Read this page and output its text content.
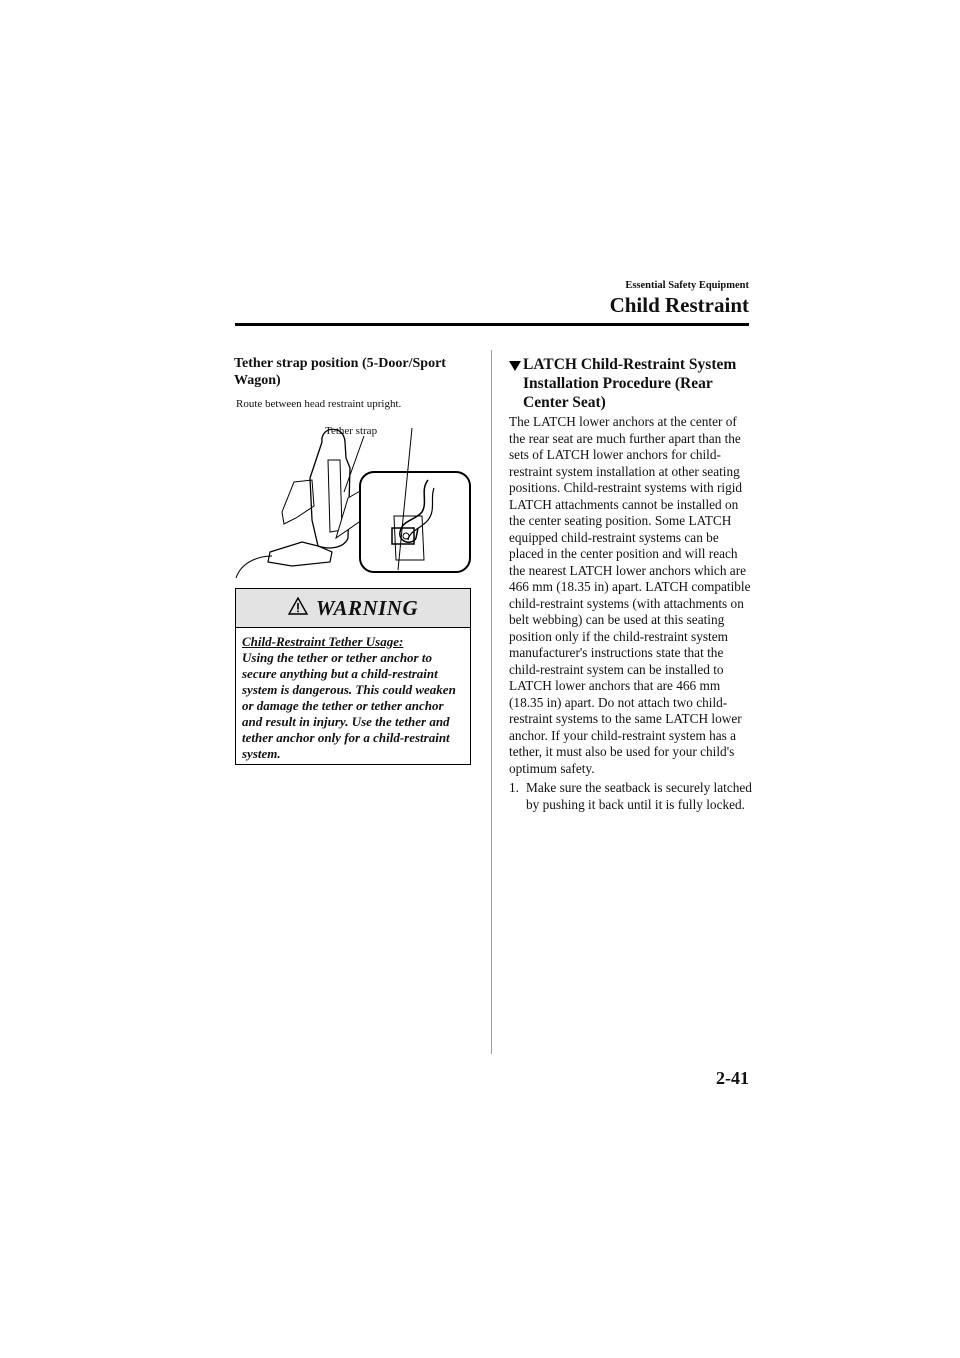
Essential Safety Equipment
Child Restraint
Tether strap position (5-Door/Sport Wagon)
Route between head restraint upright.
Tether strap
WARNING
Child-Restraint Tether Usage:
Using the tether or tether anchor to secure anything but a child-restraint system is dangerous. This could weaken or damage the tether or tether anchor and result in injury. Use the tether and tether anchor only for a child-restraint system.
LATCH Child-Restraint System Installation Procedure (Rear Center Seat)
The LATCH lower anchors at the center of the rear seat are much further apart than the sets of LATCH lower anchors for child-restraint system installation at other seating positions. Child-restraint systems with rigid LATCH attachments cannot be installed on the center seating position. Some LATCH equipped child-restraint systems can be placed in the center position and will reach the nearest LATCH lower anchors which are 466 mm (18.35 in) apart. LATCH compatible child-restraint systems (with attachments on belt webbing) can be used at this seating position only if the child-restraint system manufacturer's instructions state that the child-restraint system can be installed to LATCH lower anchors that are 466 mm (18.35 in) apart. Do not attach two child-restraint systems to the same LATCH lower anchor. If your child-restraint system has a tether, it must also be used for your child's optimum safety.
1. Make sure the seatback is securely latched by pushing it back until it is fully locked.
2-41
